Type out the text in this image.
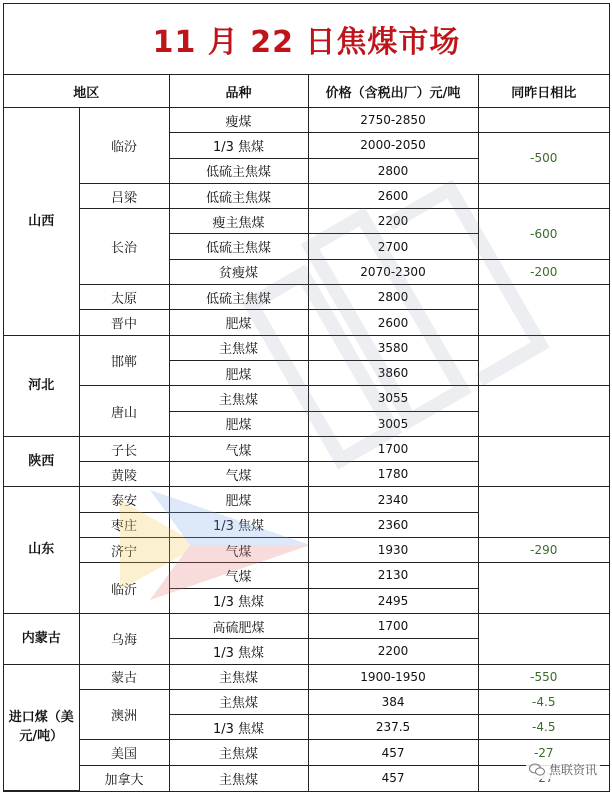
11 月 22 日焦煤市场
地区		品种	价格（含税出厂）元/吨	同昨日相比
山西	临汾	瘦煤	2750-2850	
		1/3 焦煤	2000-2050	-500
		低硫主焦煤	2800	
	吕梁	低硫主焦煤	2600	
	长治	瘦主焦煤	2200	-600
		低硫主焦煤	2700	
		贫瘦煤	2070-2300	-200
	太原	低硫主焦煤	2800	
	晋中	肥煤	2600	
河北	邯郸	主焦煤	3580	
		肥煤	3860	
	唐山	主焦煤	3055	
		肥煤	3005	
陕西	子长	气煤	1700	
	黄陵	气煤	1780	
山东	泰安	肥煤	2340	
	枣庄	1/3 焦煤	2360	
	济宁	气煤	1930	-290
	临沂	气煤	2130	
		1/3 焦煤	2495	
内蒙古	乌海	高硫肥煤	1700	
		1/3 焦煤	2200	
进口煤（美元/吨）	蒙古	主焦煤	1900-1950	-550
	澳洲	主焦煤	384	-4.5
		1/3 焦煤	237.5	-4.5
	美国	主焦煤	457	-27
	加拿大	主焦煤	457	
焦联资讯
